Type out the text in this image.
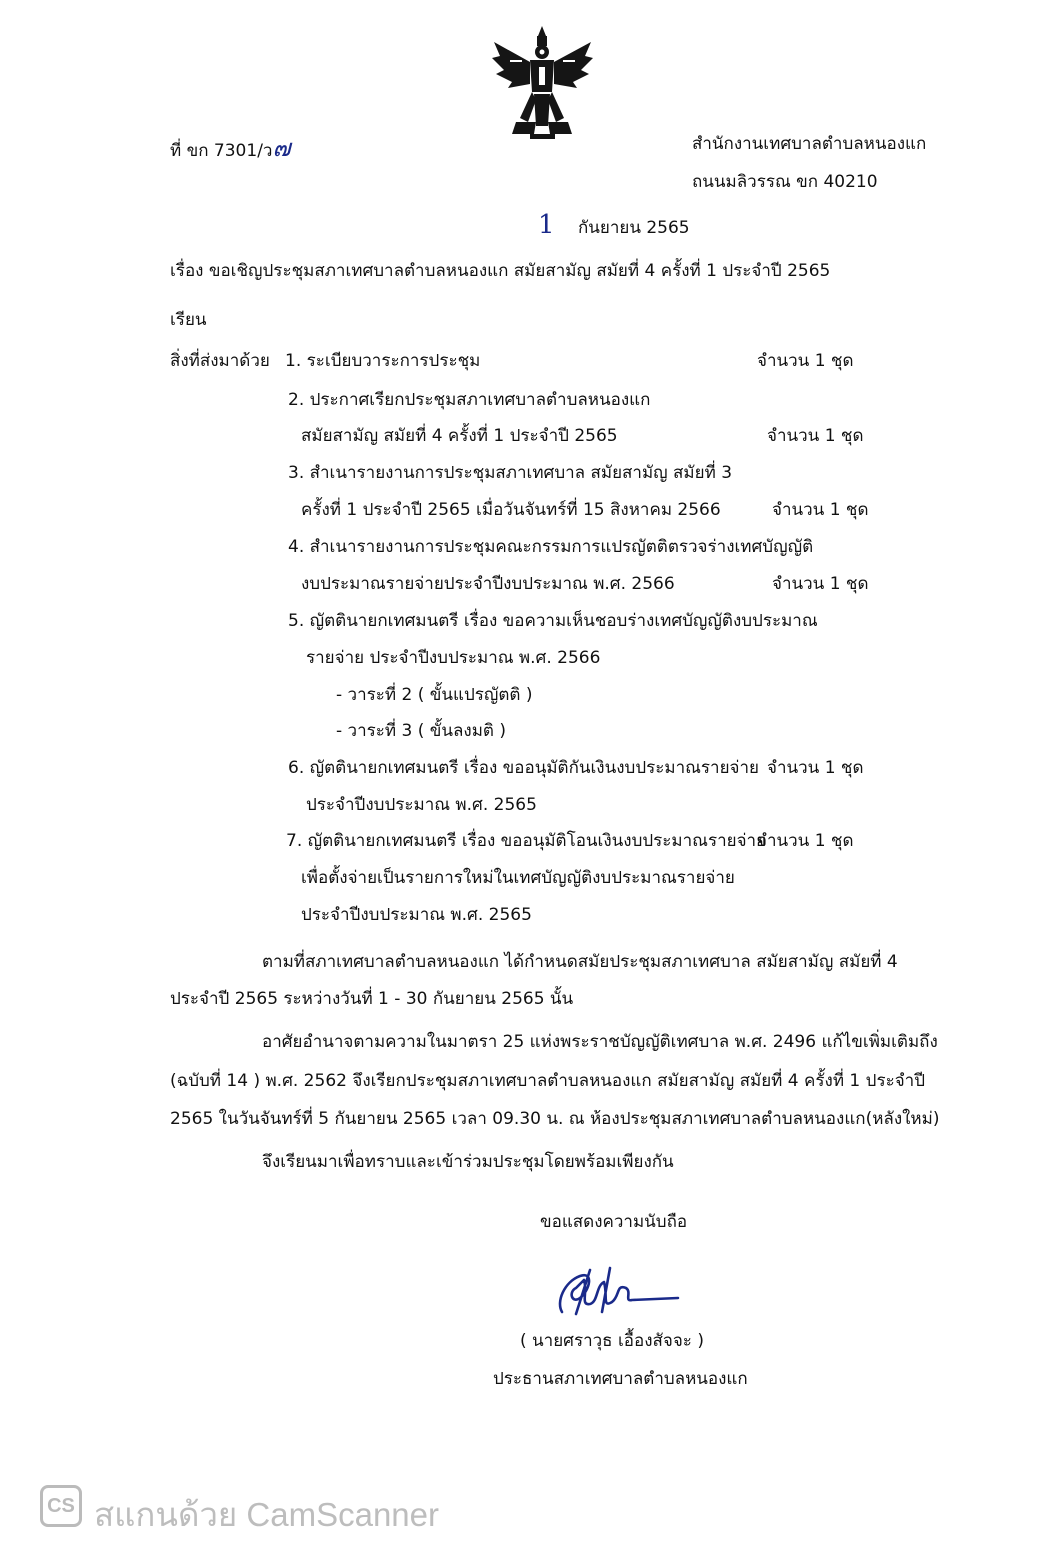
ที่ ขก 7301/ว๗	สำนักงานเทศบาลตำบลหนองแก
ถนนมลิวรรณ ขก 40210
1 กันยายน 2565
เรื่อง ขอเชิญประชุมสภาเทศบาลตำบลหนองแก สมัยสามัญ สมัยที่ 4 ครั้งที่ 1 ประจำปี 2565
เรียน
สิ่งที่ส่งมาด้วย 1. ระเบียบวาระการประชุม
2. ประกาศเรียกประชุมสภาเทศบาลตำบลหนองแก
สมัยสามัญ สมัยที่ 4 ครั้งที่ 1 ประจำปี 2565
3. สำเนารายงานการประชุมสภาเทศบาล สมัยสามัญ สมัยที่ 3
ครั้งที่ 1 ประจำปี 2565 เมื่อวันจันทร์ที่ 15 สิงหาคม 2566
4. สำเนารายงานการประชุมคณะกรรมการแปรญัตติตรวจร่างเทศบัญญัติ
งบประมาณรายจ่ายประจำปีงบประมาณ พ.ศ. 2566
5. ญัตตินายกเทศมนตรี เรื่อง ขอความเห็นชอบร่างเทศบัญญัติงบประมาณ
รายจ่าย ประจำปีงบประมาณ พ.ศ. 2566
- วาระที่ 2 ( ขั้นแปรญัตติ )
- วาระที่ 3 ( ขั้นลงมติ )
6. ญัตตินายกเทศมนตรี เรื่อง ขออนุมัติกันเงินงบประมาณรายจ่าย
ประจำปีงบประมาณ พ.ศ. 2565
7. ญัตตินายกเทศมนตรี เรื่อง ขออนุมัติโอนเงินงบประมาณรายจ่าย
เพื่อตั้งจ่ายเป็นรายการใหม่ในเทศบัญญัติงบประมาณรายจ่าย
ประจำปีงบประมาณ พ.ศ. 2565
จำนวน 1 ชุด
จำนวน 1 ชุด
จำนวน 1 ชุด
จำนวน 1 ชุด
จำนวน 1 ชุด
จำนวน 1 ชุด
ตามที่สภาเทศบาลตำบลหนองแก ได้กำหนดสมัยประชุมสภาเทศบาล สมัยสามัญ สมัยที่ 4
ประจำปี 2565 ระหว่างวันที่ 1 - 30 กันยายน 2565 นั้น
อาศัยอำนาจตามความในมาตรา 25 แห่งพระราชบัญญัติเทศบาล พ.ศ. 2496 แก้ไขเพิ่มเติมถึง
(ฉบับที่ 14 ) พ.ศ. 2562 จึงเรียกประชุมสภาเทศบาลตำบลหนองแก สมัยสามัญ สมัยที่ 4 ครั้งที่ 1 ประจำปี
2565 ในวันจันทร์ที่ 5 กันยายน 2565 เวลา 09.30 น. ณ ห้องประชุมสภาเทศบาลตำบลหนองแก(หลังใหม่)
จึงเรียนมาเพื่อทราบและเข้าร่วมประชุมโดยพร้อมเพียงกัน
ขอแสดงความนับถือ
( นายศราวุธ เอื้องสัจจะ )
ประธานสภาเทศบาลตำบลหนองแก
CS สแกนด้วย CamScanner
